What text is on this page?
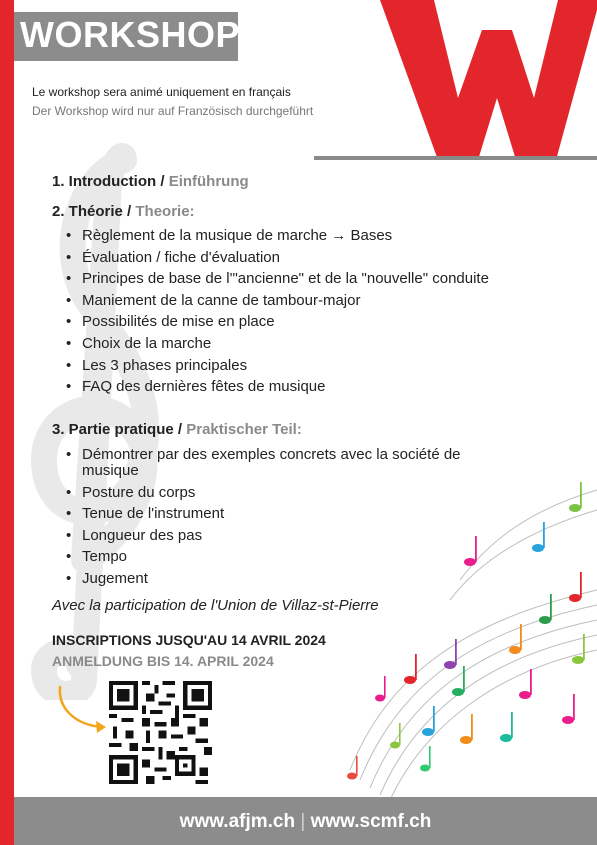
WORKSHOP
Le workshop sera animé uniquement en français
Der Workshop wird nur auf Französisch durchgeführt
1. Introduction / Einführung
2. Théorie / Theorie:
• Règlement de la musique de marche → Bases
• Évaluation / fiche d'évaluation
• Principes de base de l'"ancienne" et de la "nouvelle" conduite
• Maniement de la canne de tambour-major
• Possibilités de mise en place
• Choix de la marche
• Les 3 phases principales
• FAQ des dernières fêtes de musique
3. Partie pratique / Praktischer Teil:
• Démontrer par des exemples concrets avec la société de musique
• Posture du corps
• Tenue de l'instrument
• Longueur des pas
• Tempo
• Jugement
Avec la participation de l'Union de Villaz-st-Pierre
INSCRIPTIONS JUSQU'AU 14 AVRIL 2024
ANMELDUNG BIS 14. APRIL 2024
www.afjm.ch | www.scmf.ch
